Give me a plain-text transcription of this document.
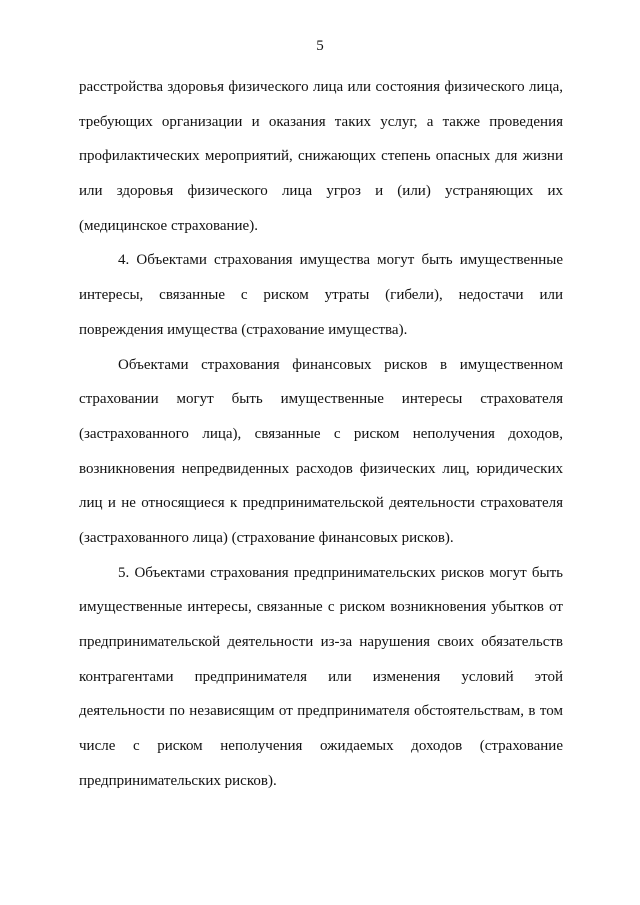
5

расстройства здоровья физического лица или состояния физического лица,
требующих организации и оказания таких услуг, а также проведения
профилактических мероприятий, снижающих степень опасных для жизни
или здоровья физического лица угроз и (или) устраняющих их
(медицинское страхование).

4. Объектами страхования имущества могут быть имущественные
интересы, связанные с риском утраты (гибели), недостачи или
повреждения имущества (страхование имущества).

Объектами страхования финансовых рисков в имущественном
страховании могут быть имущественные интересы страхователя
(застрахованного лица), связанные с риском неполучения доходов,
возникновения непредвиденных расходов физических лиц, юридических
лиц и не относящиеся к предпринимательской деятельности страхователя
(застрахованного лица) (страхование финансовых рисков).

5. Объектами страхования предпринимательских рисков могут быть
имущественные интересы, связанные с риском возникновения убытков от
предпринимательской деятельности из-за нарушения своих обязательств
контрагентами предпринимателя или изменения условий этой
деятельности по независящим от предпринимателя обстоятельствам, в том
числе с риском неполучения ожидаемых доходов (страхование
предпринимательских рисков).
